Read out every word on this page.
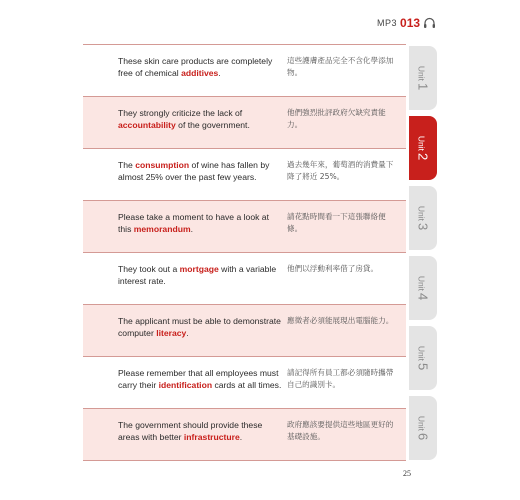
MP3 013
These skin care products are completely free of chemical additives.
這些護膚產品完全不含化學添加物。
They strongly criticize the lack of accountability of the government.
他們強烈批評政府欠缺究責能力。
The consumption of wine has fallen by almost 25% over the past few years.
過去幾年來，葡萄酒的消費量下降了將近 25%。
Please take a moment to have a look at this memorandum.
請花點時間看一下這張聯絡便條。
They took out a mortgage with a variable interest rate.
他們以浮動利率借了房貸。
The applicant must be able to demonstrate computer literacy.
應徵者必須能展現出電腦能力。
Please remember that all employees must carry their identification cards at all times.
請記得所有員工都必須隨時攜帶自己的識別卡。
The government should provide these areas with better infrastructure.
政府應該要提供這些地區更好的基礎設施。
Unit1
Unit2
Unit3
Unit4
Unit5
Unit6
25
